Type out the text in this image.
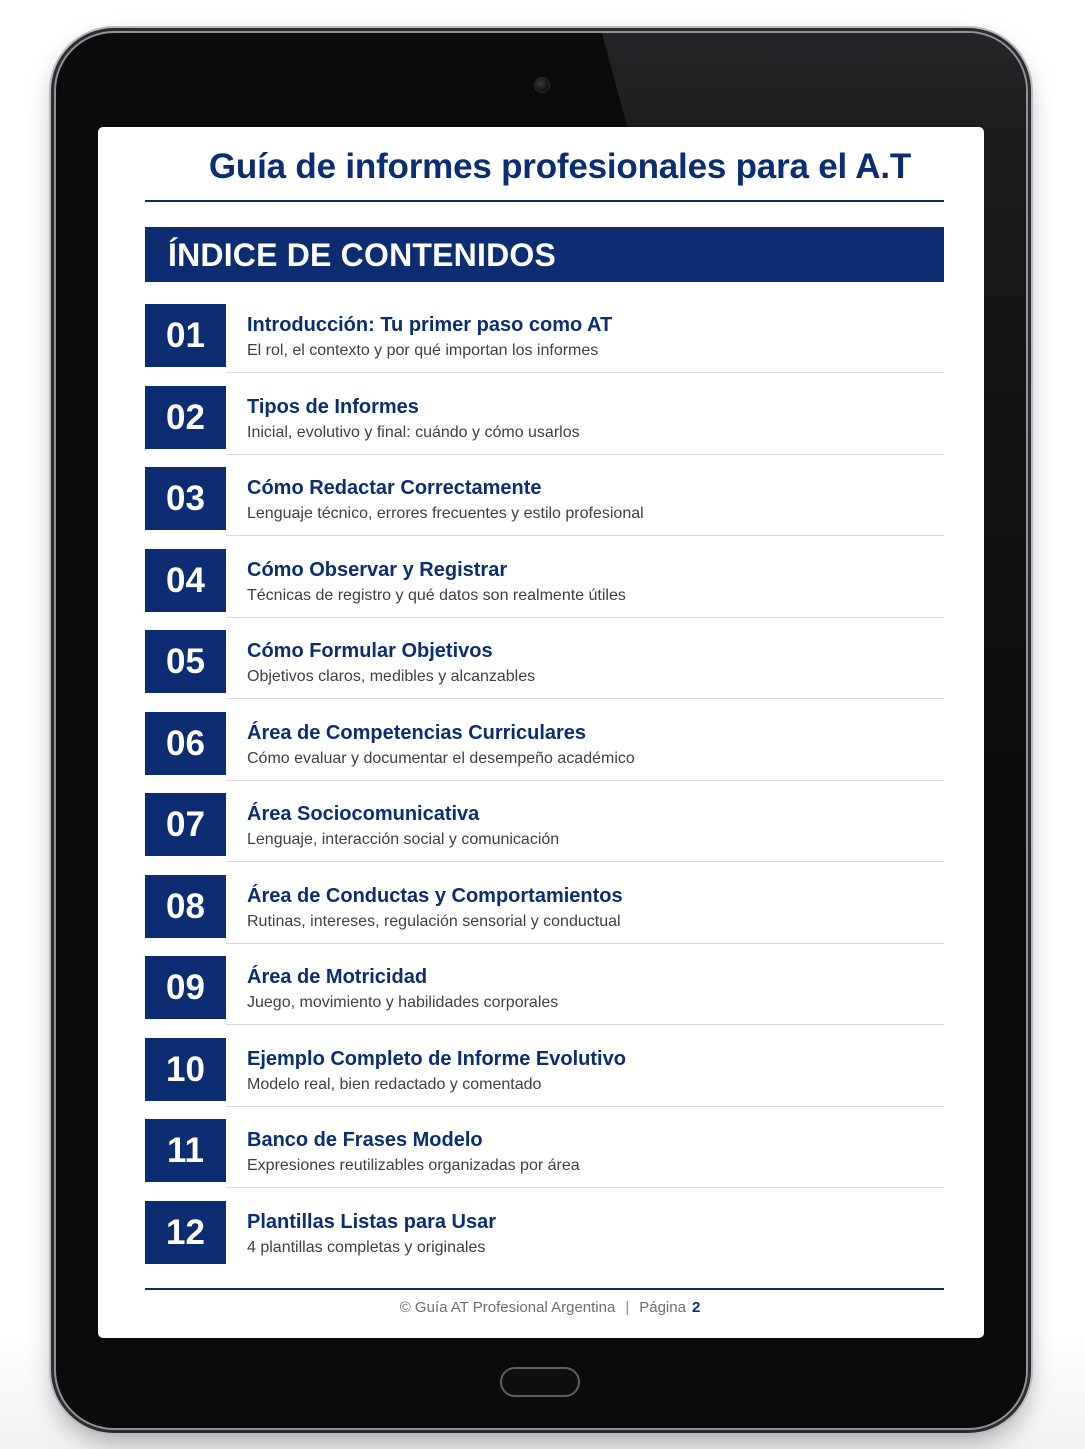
Guía de informes profesionales para el A.T
ÍNDICE DE CONTENIDOS
01	Introducción: Tu primer paso como AT
El rol, el contexto y por qué importan los informes
02	Tipos de Informes
Inicial, evolutivo y final: cuándo y cómo usarlos
03	Cómo Redactar Correctamente
Lenguaje técnico, errores frecuentes y estilo profesional
04	Cómo Observar y Registrar
Técnicas de registro y qué datos son realmente útiles
05	Cómo Formular Objetivos
Objetivos claros, medibles y alcanzables
06	Área de Competencias Curriculares
Cómo evaluar y documentar el desempeño académico
07	Área Sociocomunicativa
Lenguaje, interacción social y comunicación
08	Área de Conductas y Comportamientos
Rutinas, intereses, regulación sensorial y conductual
09	Área de Motricidad
Juego, movimiento y habilidades corporales
10	Ejemplo Completo de Informe Evolutivo
Modelo real, bien redactado y comentado
11	Banco de Frases Modelo
Expresiones reutilizables organizadas por área
12	Plantillas Listas para Usar
4 plantillas completas y originales
© Guía AT Profesional Argentina | Página 2
